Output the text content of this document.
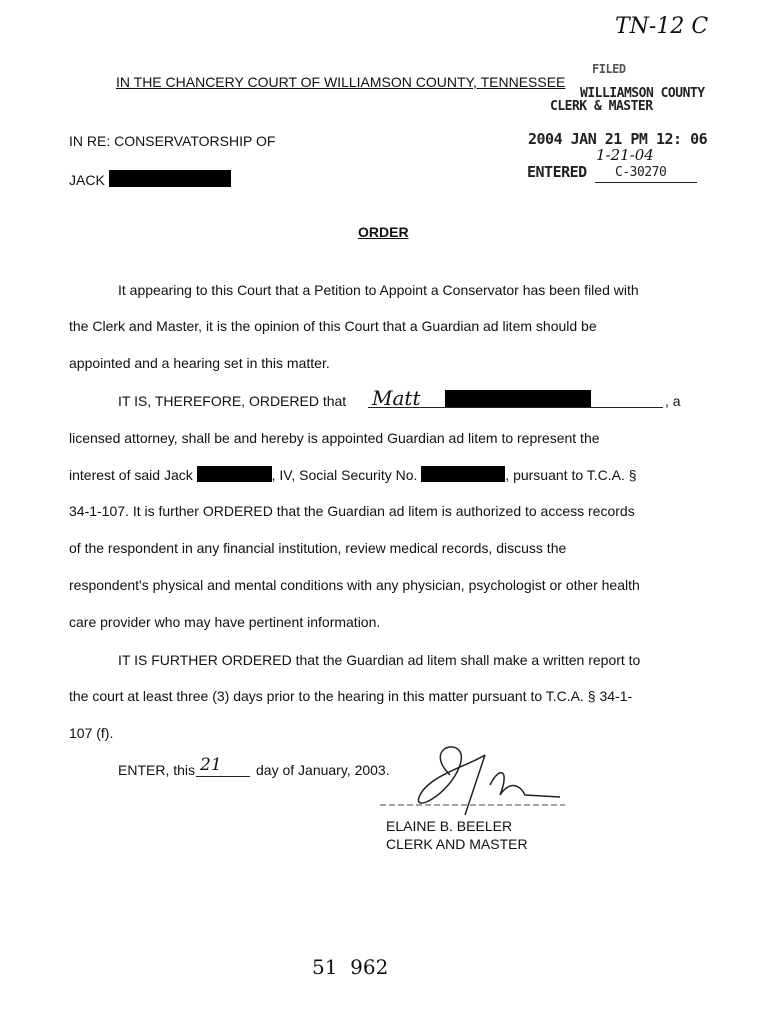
TN-12 C
IN THE CHANCERY COURT OF WILLIAMSON COUNTY, TENNESSEE
FILED
WILLIAMSON COUNTY
CLERK & MASTER
2004 JAN 21 PM 12: 06
1-21-04
ENTERED C-30270
IN RE: CONSERVATORSHIP OF
JACK
ORDER
It appearing to this Court that a Petition to Appoint a Conservator has been filed with
the Clerk and Master, it is the opinion of this Court that a Guardian ad litem should be
appointed and a hearing set in this matter.
IT IS, THEREFORE, ORDERED that Matt	, a
licensed attorney, shall be and hereby is appointed Guardian ad litem to represent the
interest of said Jack	, IV, Social Security No.	, pursuant to T.C.A. §
34-1-107. It is further ORDERED that the Guardian ad litem is authorized to access records
of the respondent in any financial institution, review medical records, discuss the
respondent's physical and mental conditions with any physician, psychologist or other health
care provider who may have pertinent information.
IT IS FURTHER ORDERED that the Guardian ad litem shall make a written report to
the court at least three (3) days prior to the hearing in this matter pursuant to T.C.A. § 34-1-
107 (f).
ENTER, this 21 day of January, 2003.
ELAINE B. BEELER
CLERK AND MASTER
51  962
